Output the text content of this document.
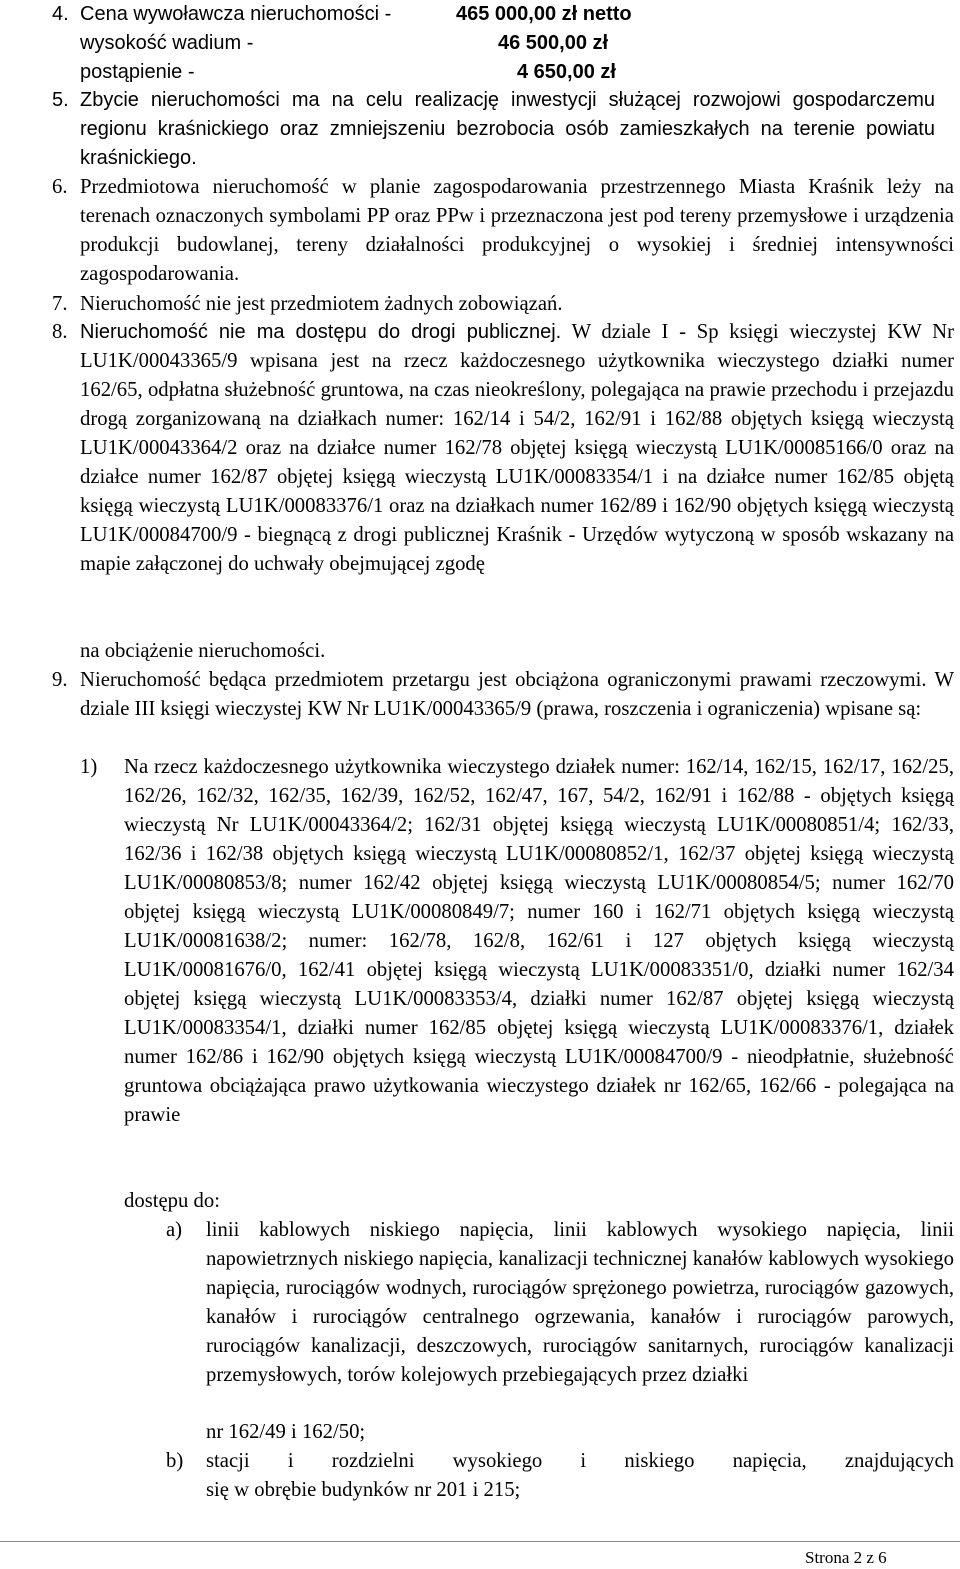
4. Cena wywoławcza nieruchomości -	465 000,00 zł netto
wysokość wadium -	46 500,00 zł
postąpienie -	4 650,00 zł
5. Zbycie nieruchomości ma na celu realizację inwestycji służącej rozwojowi gospodarczemu regionu kraśnickiego oraz zmniejszeniu bezrobocia osób zamieszkałych na terenie powiatu kraśnickiego.
6. Przedmiotowa nieruchomość w planie zagospodarowania przestrzennego Miasta Kraśnik leży na terenach oznaczonych symbolami PP oraz PPw i przeznaczona jest pod tereny przemysłowe i urządzenia produkcji budowlanej, tereny działalności produkcyjnej o wysokiej i średniej intensywności zagospodarowania.
7. Nieruchomość nie jest przedmiotem żadnych zobowiązań.
8. Nieruchomość nie ma dostępu do drogi publicznej. W dziale I - Sp księgi wieczystej KW Nr LU1K/00043365/9 wpisana jest na rzecz każdoczesnego użytkownika wieczystego działki numer 162/65, odpłatna służebność gruntowa, na czas nieokreślony, polegająca na prawie przechodu i przejazdu drogą zorganizowaną na działkach numer: 162/14 i 54/2, 162/91 i 162/88 objętych księgą wieczystą LU1K/00043364/2 oraz na działce numer 162/78 objętej księgą wieczystą LU1K/00085166/0 oraz na działce numer 162/87 objętej księgą wieczystą LU1K/00083354/1 i na działce numer 162/85 objętą księgą wieczystą LU1K/00083376/1 oraz na działkach numer 162/89 i 162/90 objętych księgą wieczystą LU1K/00084700/9 - biegnącą z drogi publicznej Kraśnik - Urzędów wytyczoną w sposób wskazany na mapie załączonej do uchwały obejmującej zgodę
na obciążenie nieruchomości.
9. Nieruchomość będąca przedmiotem przetargu jest obciążona ograniczonymi prawami rzeczowymi. W dziale III księgi wieczystej KW Nr LU1K/00043365/9 (prawa, roszczenia i ograniczenia) wpisane są:
1) Na rzecz każdoczesnego użytkownika wieczystego działek numer: 162/14, 162/15, 162/17, 162/25, 162/26, 162/32, 162/35, 162/39, 162/52, 162/47, 167, 54/2, 162/91 i 162/88 - objętych księgą wieczystą Nr LU1K/00043364/2; 162/31 objętej księgą wieczystą LU1K/00080851/4; 162/33, 162/36 i 162/38 objętych księgą wieczystą LU1K/00080852/1, 162/37 objętej księgą wieczystą LU1K/00080853/8; numer 162/42 objętej księgą wieczystą LU1K/00080854/5; numer 162/70 objętej księgą wieczystą LU1K/00080849/7; numer 160 i 162/71 objętych księgą wieczystą LU1K/00081638/2; numer: 162/78, 162/8, 162/61 i 127 objętych księgą wieczystą LU1K/00081676/0, 162/41 objętej księgą wieczystą LU1K/00083351/0, działki numer 162/34 objętej księgą wieczystą LU1K/00083353/4, działki numer 162/87 objętej księgą wieczystą LU1K/00083354/1, działki numer 162/85 objętej księgą wieczystą LU1K/00083376/1, działek numer 162/86 i 162/90 objętych księgą wieczystą LU1K/00084700/9 - nieodpłatnie, służebność gruntowa obciążająca prawo użytkowania wieczystego działek nr 162/65, 162/66 - polegająca na prawie
dostępu do:
a) linii kablowych niskiego napięcia, linii kablowych wysokiego napięcia, linii napowietrznych niskiego napięcia, kanalizacji technicznej kanałów kablowych wysokiego napięcia, rurociągów wodnych, rurociągów sprężonego powietrza, rurociągów gazowych, kanałów i rurociągów centralnego ogrzewania, kanałów i rurociągów parowych, rurociągów kanalizacji, deszczowych, rurociągów sanitarnych, rurociągów kanalizacji przemysłowych, torów kolejowych przebiegających przez działki
nr 162/49 i 162/50;
b) stacji i rozdzielni wysokiego i niskiego napięcia, znajdujących
się w obrębie budynków nr 201 i 215;
Strona 2 z 6
